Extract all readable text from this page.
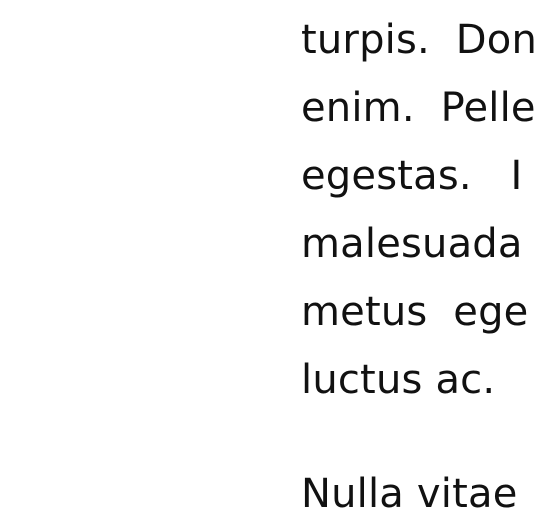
turpis.  Don
enim.  Pelle
egestas.   I
malesuada
metus  ege
luctus ac.
Nulla vitae
